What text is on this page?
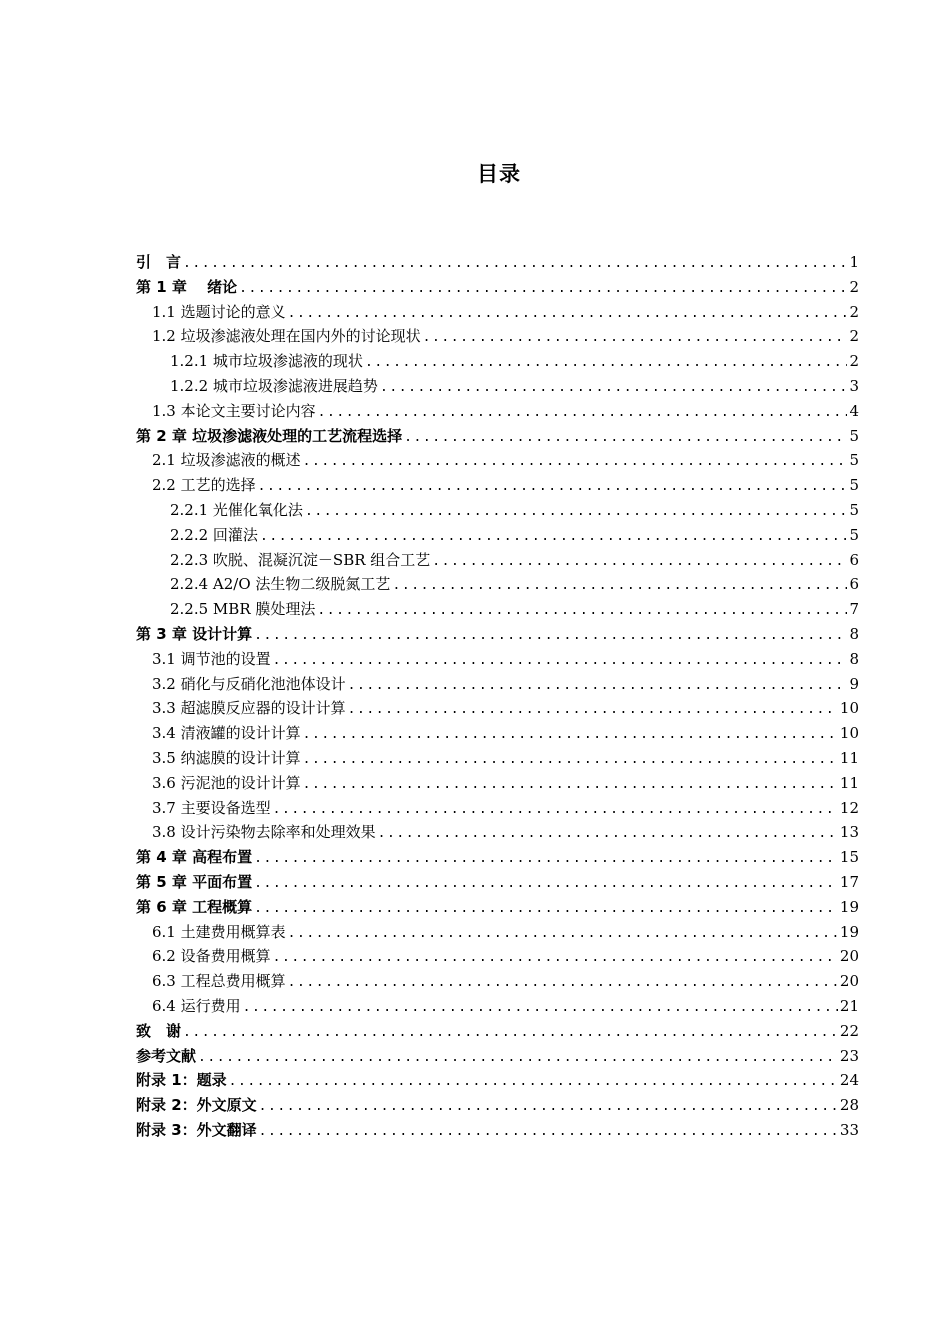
目录
引　言 .....	1
第 1 章　 绪论 .....	2
1.1 选题讨论的意义 .....	2
1.2 垃圾渗滤液处理在国内外的讨论现状 .....	2
1.2.1 城市垃圾渗滤液的现状 .....	2
1.2.2 城市垃圾渗滤液进展趋势 .....	3
1.3 本论文主要讨论内容 .....	4
第 2 章 垃圾渗滤液处理的工艺流程选择 .....	5
2.1 垃圾渗滤液的概述 .....	5
2.2 工艺的选择 .....	5
2.2.1 光催化氧化法 .....	5
2.2.2 回灌法 .....	5
2.2.3 吹脱、混凝沉淀－SBR 组合工艺 .....	6
2.2.4 A2/O 法生物二级脱氮工艺 .....	6
2.2.5 MBR 膜处理法 .....	7
第 3 章 设计计算 .....	8
3.1 调节池的设置 .....	8
3.2 硝化与反硝化池池体设计 .....	9
3.3 超滤膜反应器的设计计算 .....	10
3.4 清液罐的设计计算 .....	10
3.5 纳滤膜的设计计算 .....	11
3.6 污泥池的设计计算 .....	11
3.7 主要设备选型 .....	12
3.8 设计污染物去除率和处理效果 .....	13
第 4 章 高程布置 .....	15
第 5 章 平面布置 .....	17
第 6 章 工程概算 .....	19
6.1 土建费用概算表 .....	19
6.2 设备费用概算 .....	20
6.3 工程总费用概算 .....	20
6.4 运行费用 .....	21
致　谢 .....	22
参考文献 .....	23
附录 1：题录 .....	24
附录 2：外文原文 .....	28
附录 3：外文翻译 .....	33
